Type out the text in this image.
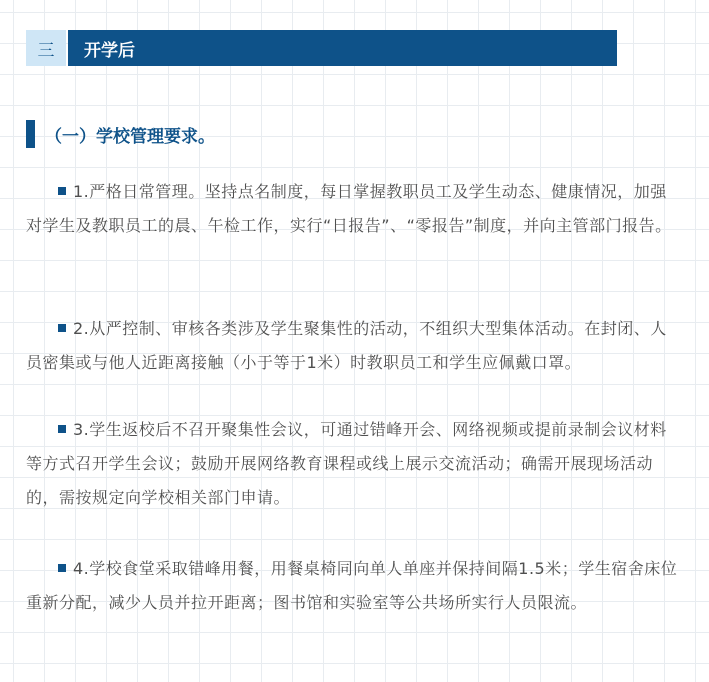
三	开学后
（一）学校管理要求。

1.严格日常管理。坚持点名制度，每日掌握教职员工及学生动态、健康情况，加强对学生及教职员工的晨、午检工作，实行“日报告”、“零报告”制度，并向主管部门报告。

2.从严控制、审核各类涉及学生聚集性的活动，不组织大型集体活动。在封闭、人员密集或与他人近距离接触（小于等于1米）时教职员工和学生应佩戴口罩。

3.学生返校后不召开聚集性会议，可通过错峰开会、网络视频或提前录制会议材料等方式召开学生会议；鼓励开展网络教育课程或线上展示交流活动；确需开展现场活动的，需按规定向学校相关部门申请。

4.学校食堂采取错峰用餐，用餐桌椅同向单人单座并保持间隔1.5米；学生宿舍床位重新分配，减少人员并拉开距离；图书馆和实验室等公共场所实行人员限流。
